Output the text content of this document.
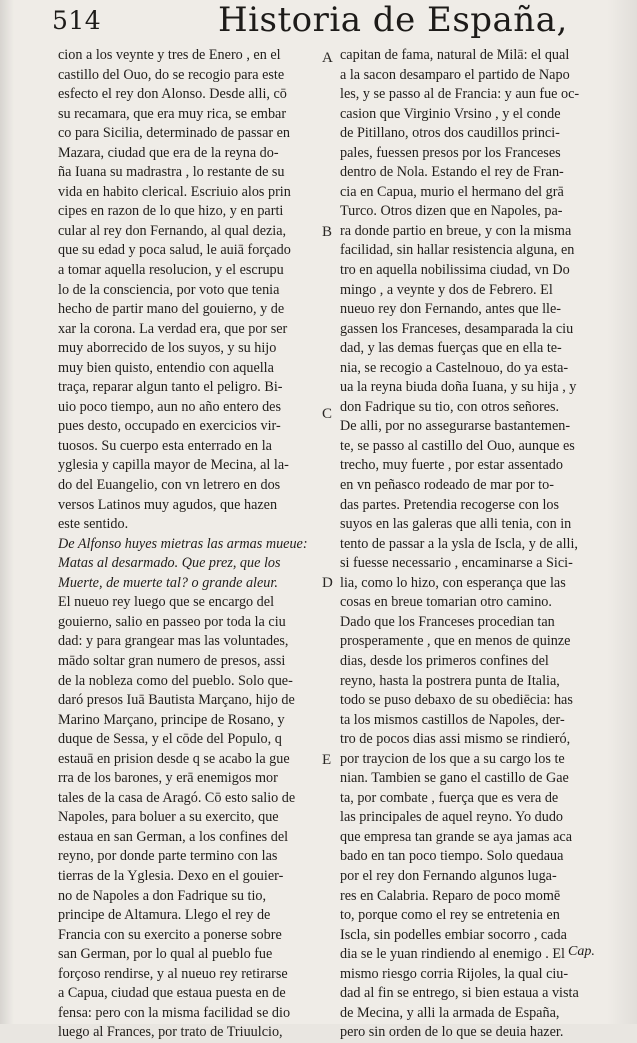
514	Historia de España,
cion a los veynte y tres de Enero , en el
castillo del Ouo, do se recogio para este
esfecto el rey don Alonso. Desde alli, cō
su recamara, que era muy rica, se embar
co para Sicilia, determinado de passar en
Mazara, ciudad que era de la reyna do-
ña Iuana su madrastra , lo restante de su
vida en habito clerical. Escriuio alos prin
cipes en razon de lo que hizo, y en parti
cular al rey don Fernando, al qual dezia,
que su edad y poca salud, le auiā forçado
a tomar aquella resolucion, y el escrupu
lo de la consciencia, por voto que tenia
hecho de partir mano del gouierno, y de
xar la corona. La verdad era, que por ser
muy aborrecido de los suyos, y su hijo
muy bien quisto, entendio con aquella
traça, reparar algun tanto el peligro. Bi-
uio poco tiempo, aun no año entero des
pues desto, occupado en exercicios vir-
tuosos. Su cuerpo esta enterrado en la
yglesia y capilla mayor de Mecina, al la-
do del Euangelio, con vn letrero en dos
versos Latinos muy agudos, que hazen
este sentido.
De Alfonso huyes mietras las armas mueue:
Matas al desarmado. Que prez, que los
Muerte, de muerte tal? o grande aleur.
El nueuo rey luego que se encargo del
gouierno, salio en passeo por toda la ciu
dad: y para grangear mas las voluntades,
mādo soltar gran numero de presos, assi
de la nobleza como del pueblo. Solo que-
daró presos Iuā Bautista Marçano, hijo de
Marino Marçano, principe de Rosano, y
duque de Sessa, y el cōde del Populo, q
estauā en prision desde q se acabo la gue
rra de los barones, y erā enemigos mor
tales de la casa de Aragó. Cō esto salio de
Napoles, para boluer a su exercito, que
estaua en san German, a los confines del
reyno, por donde parte termino con las
tierras de la Yglesia. Dexo en el gouier-
no de Napoles a don Fadrique su tio,
principe de Altamura. Llego el rey de
Francia con su exercito a ponerse sobre
san German, por lo qual al pueblo fue
forçoso rendirse, y al nueuo rey retirarse
a Capua, ciudad que estaua puesta en de
fensa: pero con la misma facilidad se dio
luego al Frances, por trato de Triuulcio,
A
B
C
D
E
capitan de fama, natural de Milā: el qual
a la sacon desamparo el partido de Napo
les, y se passo al de Francia: y aun fue oc-
casion que Virginio Vrsino , y el conde
de Pitillano, otros dos caudillos princi-
pales, fuessen presos por los Franceses
dentro de Nola. Estando el rey de Fran-
cia en Capua, murio el hermano del grā
Turco. Otros dizen que en Napoles, pa-
ra donde partio en breue, y con la misma
facilidad, sin hallar resistencia alguna, en
tro en aquella nobilissima ciudad, vn Do
mingo , a veynte y dos de Febrero. El
nueuo rey don Fernando, antes que lle-
gassen los Franceses, desamparada la ciu
dad, y las demas fuerças que en ella te-
nia, se recogio a Castelnouo, do ya esta-
ua la reyna biuda doña Iuana, y su hija , y
don Fadrique su tio, con otros señores.
De alli, por no assegurarse bastantemen-
te, se passo al castillo del Ouo, aunque es
trecho, muy fuerte , por estar assentado
en vn peñasco rodeado de mar por to-
das partes. Pretendia recogerse con los
suyos en las galeras que alli tenia, con in
tento de passar a la ysla de Iscla, y de alli,
si fuesse necessario , encaminarse a Sici-
lia, como lo hizo, con esperança que las
cosas en breue tomarian otro camino.
Dado que los Franceses procedian tan
prosperamente , que en menos de quinze
dias, desde los primeros confines del
reyno, hasta la postrera punta de Italia,
todo se puso debaxo de su obediēcia: has
ta los mismos castillos de Napoles, der-
tro de pocos dias assi mismo se rindieró,
por traycion de los que a su cargo los te
nian. Tambien se gano el castillo de Gae
ta, por combate , fuerça que es vera de
las principales de aquel reyno. Yo dudo
que empresa tan grande se aya jamas aca
bado en tan poco tiempo. Solo quedaua
por el rey don Fernando algunos luga-
res en Calabria. Reparo de poco momē
to, porque como el rey se entretenia en
Iscla, sin podelles embiar socorro , cada
dia se le yuan rindiendo al enemigo . El
mismo riesgo corria Rijoles, la qual ciu-
dad al fin se entrego, si bien estaua a vista
de Mecina, y alli la armada de España,
pero sin orden de lo que se deuia hazer.
Cap.
